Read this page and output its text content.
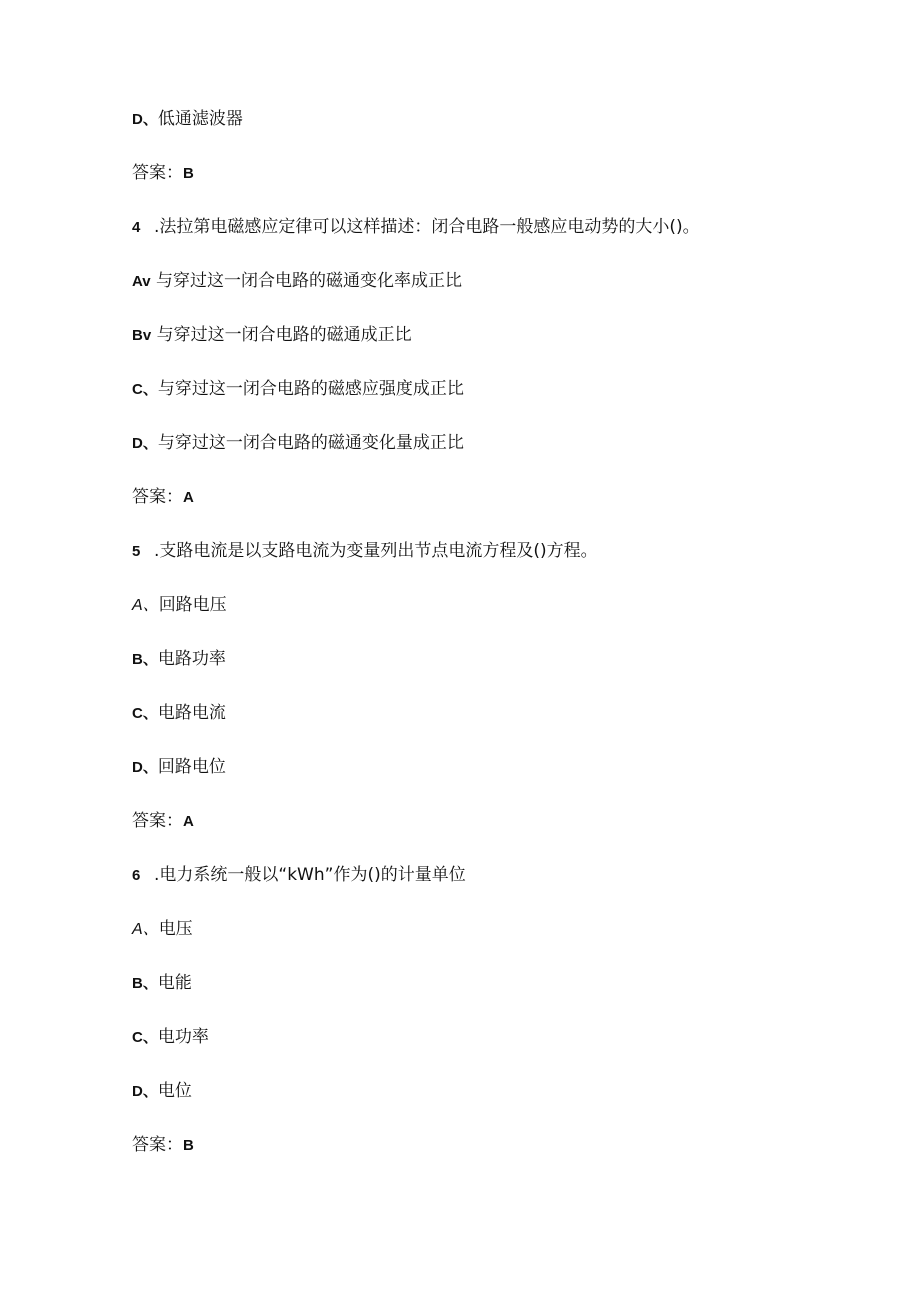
D、低通滤波器
答案：B
4 .法拉第电磁感应定律可以这样描述：闭合电路一般感应电动势的大小()。
Av 与穿过这一闭合电路的磁通变化率成正比
Bv 与穿过这一闭合电路的磁通成正比
C、与穿过这一闭合电路的磁感应强度成正比
D、与穿过这一闭合电路的磁通变化量成正比
答案：A
5 .支路电流是以支路电流为变量列出节点电流方程及()方程。
A、回路电压
B、电路功率
C、电路电流
D、回路电位
答案：A
6 .电力系统一般以“kWh”作为()的计量单位
A、电压
B、电能
C、电功率
D、电位
答案：B
